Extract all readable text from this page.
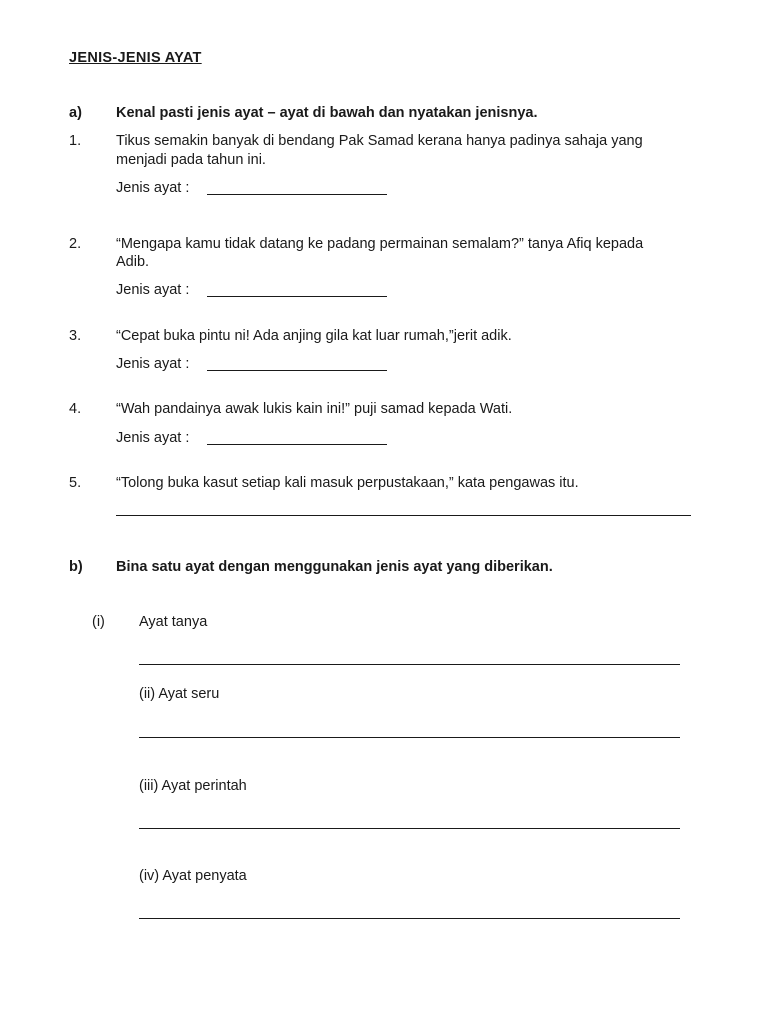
JENIS-JENIS AYAT
a) Kenal pasti jenis ayat – ayat di bawah dan nyatakan jenisnya.
1. Tikus semakin banyak di bendang Pak Samad kerana hanya padinya sahaja yang
menjadi pada tahun ini.
Jenis ayat :
2. “Mengapa kamu tidak datang ke padang permainan semalam?” tanya Afiq kepada
Adib.
Jenis ayat :
3. “Cepat buka pintu ni! Ada anjing gila kat luar rumah,”jerit adik.
Jenis ayat :
4. “Wah pandainya awak lukis kain ini!” puji samad kepada Wati.
Jenis ayat :
5. “Tolong buka kasut setiap kali masuk perpustakaan,” kata pengawas itu.
b) Bina satu ayat dengan menggunakan jenis ayat yang diberikan.
(i) Ayat tanya
(ii) Ayat seru
(iii) Ayat perintah
(iv) Ayat penyata
